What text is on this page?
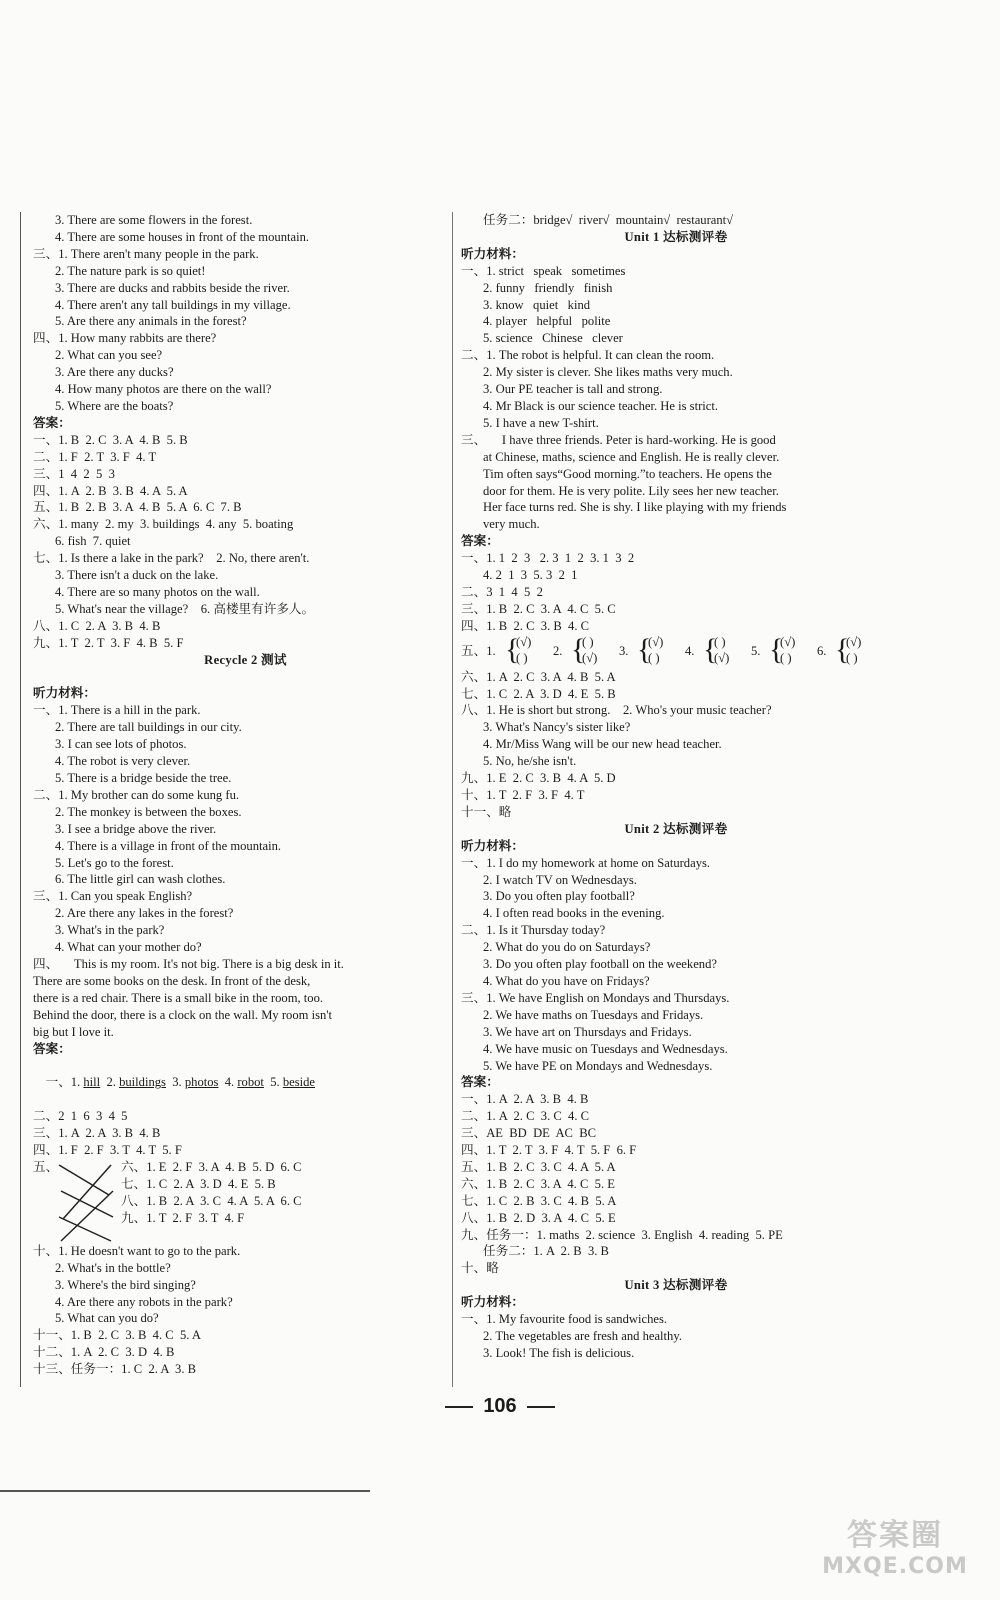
3. There are some flowers in the forest.
4. There are some houses in front of the mountain.
三、1. There aren't many people in the park.
2. The nature park is so quiet!
3. There are ducks and rabbits beside the river.
4. There aren't any tall buildings in my village.
5. Are there any animals in the forest?
四、1. How many rabbits are there?
2. What can you see?
3. Are there any ducks?
4. How many photos are there on the wall?
5. Where are the boats?
答案：
一、1. B  2. C  3. A  4. B  5. B
二、1. F  2. T  3. F  4. T
三、1  4  2  5  3
四、1. A  2. B  3. B  4. A  5. A
五、1. B  2. B  3. A  4. B  5. A  6. C  7. B
六、1. many  2. my  3. buildings  4. any  5. boating
6. fish  7. quiet
七、1. Is there a lake in the park?    2. No, there aren't.
3. There isn't a duck on the lake.
4. There are so many photos on the wall.
5. What's near the village?    6. 高楼里有许多人。
八、1. C  2. A  3. B  4. B
九、1. T  2. T  3. F  4. B  5. F
Recycle 2 测试
听力材料：
一、1. There is a hill in the park.
2. There are tall buildings in our city.
3. I can see lots of photos.
4. The robot is very clever.
5. There is a bridge beside the tree.
二、1. My brother can do some kung fu.
2. The monkey is between the boxes.
3. I see a bridge above the river.
4. There is a village in front of the mountain.
5. Let's go to the forest.
6. The little girl can wash clothes.
三、1. Can you speak English?
2. Are there any lakes in the forest?
3. What's in the park?
4. What can your mother do?
四、     This is my room. It's not big. There is a big desk in it.
There are some books on the desk. In front of the desk,
there is a red chair. There is a small bike in the room, too.
Behind the door, there is a clock on the wall. My room isn't
big but I love it.
答案：

一、1. hill  2. buildings  3. photos  4. robot  5. beside

二、2  1  6  3  4  5
三、1. A  2. A  3. B  4. B
四、1. F  2. F  3. T  4. T  5. F
五、	六、1. E  2. F  3. A  4. B  5. D  6. C
七、1. C  2. A  3. D  4. E  5. B
八、1. B  2. A  3. C  4. A  5. A  6. C
九、1. T  2. F  3. T  4. F
十、1. He doesn't want to go to the park.
2. What's in the bottle?
3. Where's the bird singing?
4. Are there any robots in the park?
5. What can you do?
十一、1. B  2. C  3. B  4. C  5. A
十二、1. A  2. C  3. D  4. B
十三、任务一：1. C  2. A  3. B
任务二：bridge√  river√  mountain√  restaurant√
Unit 1 达标测评卷
听力材料：
一、1. strict   speak   sometimes
2. funny   friendly   finish
3. know   quiet   kind
4. player   helpful   polite
5. science   Chinese   clever
二、1. The robot is helpful. It can clean the room.
2. My sister is clever. She likes maths very much.
3. Our PE teacher is tall and strong.
4. Mr Black is our science teacher. He is strict.
5. I have a new T-shirt.
三、     I have three friends. Peter is hard-working. He is good
at Chinese, maths, science and English. He is really clever.
Tim often says“Good morning.”to teachers. He opens the
door for them. He is very polite. Lily sees her new teacher.
Her face turns red. She is shy. I like playing with my friends
very much.
答案：
一、1. 1  2  3   2. 3  1  2  3. 1  3  2
4. 2  1  3  5. 3  2  1
二、3  1  4  5  2
三、1. B  2. C  3. A  4. C  5. C
四、1. B  2. C  3. B  4. C
五、1. {
(√)
( ) 2. {
( )
(√) 3. {
(√)
( ) 4. {
( )
(√) 5. {
(√)
( ) 6. {
(√)
( )
六、1. A  2. C  3. A  4. B  5. A
七、1. C  2. A  3. D  4. E  5. B
八、1. He is short but strong.    2. Who's your music teacher?
3. What's Nancy's sister like?
4. Mr/Miss Wang will be our new head teacher.
5. No, he/she isn't.
九、1. E  2. C  3. B  4. A  5. D
十、1. T  2. F  3. F  4. T
十一、略
Unit 2 达标测评卷
听力材料：
一、1. I do my homework at home on Saturdays.
2. I watch TV on Wednesdays.
3. Do you often play football?
4. I often read books in the evening.
二、1. Is it Thursday today?
2. What do you do on Saturdays?
3. Do you often play football on the weekend?
4. What do you have on Fridays?
三、1. We have English on Mondays and Thursdays.
2. We have maths on Tuesdays and Fridays.
3. We have art on Thursdays and Fridays.
4. We have music on Tuesdays and Wednesdays.
5. We have PE on Mondays and Wednesdays.
答案：
一、1. A  2. A  3. B  4. B
二、1. A  2. C  3. C  4. C
三、AE  BD  DE  AC  BC
四、1. T  2. T  3. F  4. T  5. F  6. F
五、1. B  2. C  3. C  4. A  5. A
六、1. B  2. C  3. A  4. C  5. E
七、1. C  2. B  3. C  4. B  5. A
八、1. B  2. D  3. A  4. C  5. E
九、任务一：1. maths  2. science  3. English  4. reading  5. PE
任务二：1. A  2. B  3. B
十、略
Unit 3 达标测评卷
听力材料：
一、1. My favourite food is sandwiches.
2. The vegetables are fresh and healthy.
3. Look! The fish is delicious.
106
答案圈
MXQE.COM
